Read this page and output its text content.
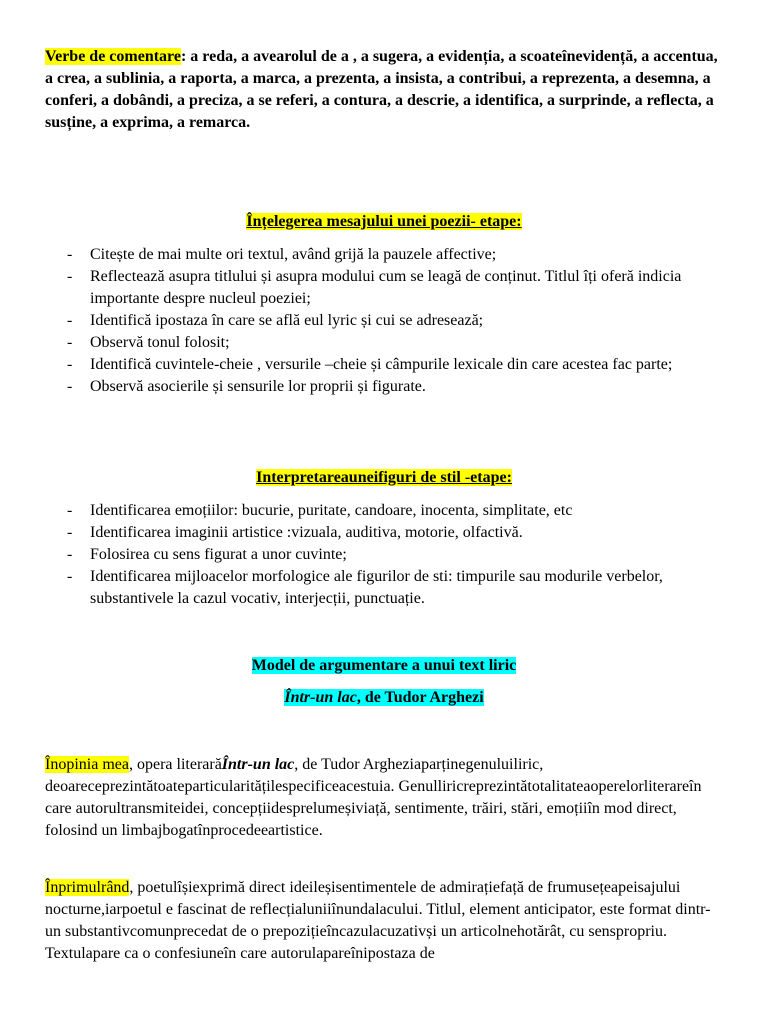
Verbe de comentare: a reda, a avearolul de a , a sugera, a evidenția, a scoateînevidență, a accentua, a crea, a sublinia, a raporta, a marca, a prezenta, a insista, a contribui, a reprezenta, a desemna, a conferi, a dobândi, a preciza, a se referi, a contura, a descrie, a identifica, a surprinde, a reflecta, a susține, a exprima, a remarca.
Înțelegerea mesajului unei poezii- etape:
- Citește de mai multe ori textul, având grijă la pauzele affective;
- Reflectează asupra titlului și asupra modului cum se leagă de conținut. Titlul îți oferă indicia importante despre nucleul poeziei;
- Identifică ipostaza în care se află eul lyric și cui se adresează;
- Observă tonul folosit;
- Identifică cuvintele-cheie , versurile –cheie și câmpurile lexicale din care acestea fac parte;
- Observă asocierile și sensurile lor proprii și figurate.
Interpretareauneifiguri de stil -etape:
- Identificarea emoțiilor: bucurie, puritate, candoare, inocenta, simplitate, etc
- Identificarea imaginii artistice :vizuala, auditiva, motorie, olfactivă.
- Folosirea cu sens figurat a unor cuvinte;
- Identificarea mijloacelor morfologice ale figurilor de sti: timpurile sau modurile verbelor, substantivele la cazul vocativ, interjecții, punctuație.
Model de argumentare a unui text liric
Într-un lac, de Tudor Arghezi
Înopinia mea, opera literarăÎntr-un lac, de Tudor Argheziaparținegenuluiliric, deoareceprezintătoateparticularitățilespecificeacestuia. Genulliricreprezintătotalitateaoperelorliterareîn care autorultransmiteidei, concepțiidesprelumeșiviață, sentimente, trăiri, stări, emoțiiîn mod direct, folosind un limbajbogatînprocedeeartistice.
Înprimulrând, poetulîșiexprimă direct ideileșisentimentele de admirațiefață de frumusețeapeisajului nocturne,iarpoetul e fascinat de reflecțialuniiînundalacului. Titlul, element anticipator, este format dintr-un substantivcomunprecedat de o prepozițieîncazulacuzativși un articolnehotărât, cu senspropriu. Textulapare ca o confesiuneîn care autorulapareînipostaza de
